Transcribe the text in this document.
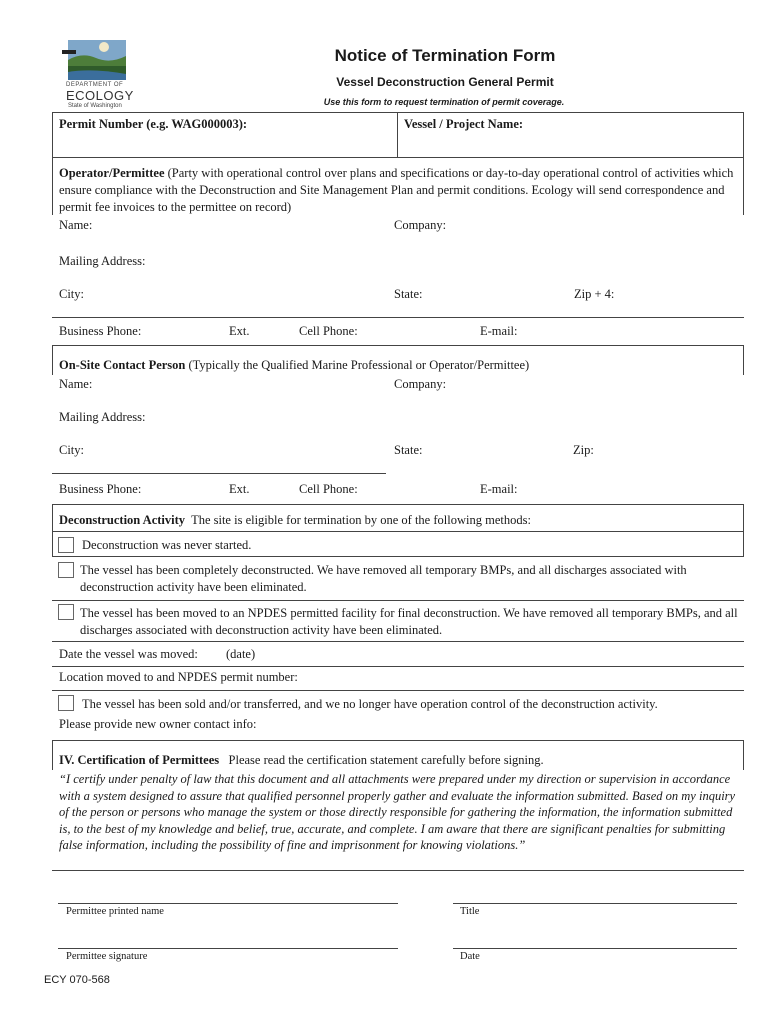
DEPARTMENT OF
ECOLOGY
State of Washington
Notice of Termination Form
Vessel Deconstruction General Permit
Use this form to request termination of permit coverage.
Permit Number (e.g. WAG000003):	Vessel / Project Name:
Operator/Permittee (Party with operational control over plans and specifications or day-to-day operational control of activities which ensure compliance with the Deconstruction and Site Management Plan and permit conditions. Ecology will send correspondence and permit fee invoices to the permittee on record)
Name:	Company:
Mailing Address:
City:	State:	Zip + 4:
Business Phone:	Ext.	Cell Phone:	E-mail:
On-Site Contact Person (Typically the Qualified Marine Professional or Operator/Permittee)
Name:	Company:
Mailing Address:
City:	State:	Zip:
Business Phone:	Ext.	Cell Phone:	E-mail:
Deconstruction Activity The site is eligible for termination by one of the following methods:
Deconstruction was never started.
The vessel has been completely deconstructed. We have removed all temporary BMPs, and all discharges associated with deconstruction activity have been eliminated.
The vessel has been moved to an NPDES permitted facility for final deconstruction. We have removed all temporary BMPs, and all discharges associated with deconstruction activity have been eliminated.
Date the vessel was moved: (date)
Location moved to and NPDES permit number:
The vessel has been sold and/or transferred, and we no longer have operation control of the deconstruction activity.
Please provide new owner contact info:
IV. Certification of Permittees Please read the certification statement carefully before signing.
“I certify under penalty of law that this document and all attachments were prepared under my direction or supervision in accordance with a system designed to assure that qualified personnel properly gather and evaluate the information submitted. Based on my inquiry of the person or persons who manage the system or those directly responsible for gathering the information, the information submitted is, to the best of my knowledge and belief, true, accurate, and complete. I am aware that there are significant penalties for submitting false information, including the possibility of fine and imprisonment for knowing violations.”
Permittee printed name	Title
Permittee signature	Date
ECY 070-568
